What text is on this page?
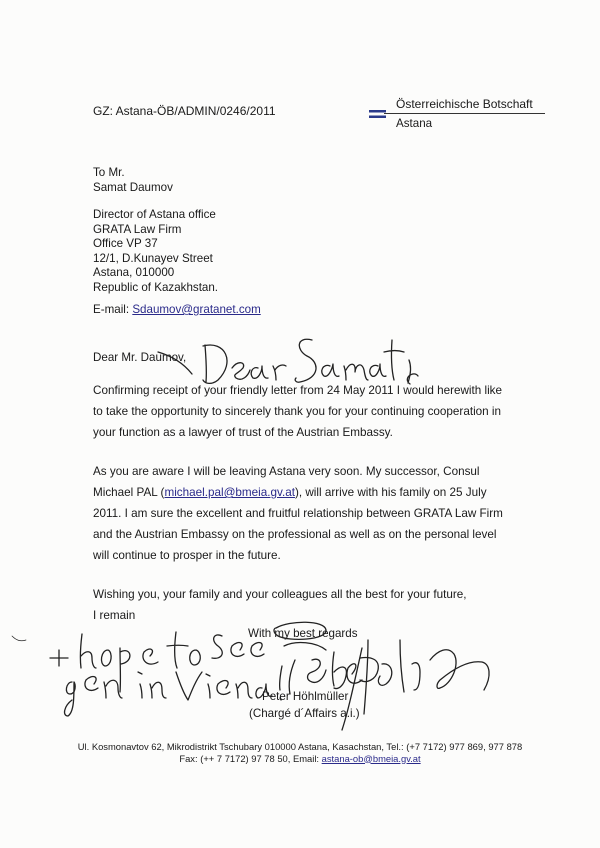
GZ: Astana-ÖB/ADMIN/0246/2011	Österreichische Botschaft
Astana
To Mr.
Samat Daumov
Director of Astana office
GRATA Law Firm
Office VP 37
12/1, D.Kunayev Street
Astana, 010000
Republic of Kazakhstan.
E-mail: Sdaumov@gratanet.com
Dear Mr. Daumov,
Confirming receipt of your friendly letter from 24 May 2011 I would herewith like
to take the opportunity to sincerely thank you for your continuing cooperation in
your function as a lawyer of trust of the Austrian Embassy.
As you are aware I will be leaving Astana very soon. My successor, Consul
Michael PAL (michael.pal@bmeia.gv.at), will arrive with his family on 25 July
2011. I am sure the excellent and fruitful relationship between GRATA Law Firm
and the Austrian Embassy on the professional as well as on the personal level
will continue to prosper in the future.
Wishing you, your family and your colleagues all the best for your future,
I remain
With my best regards
Peter Höhlmüller
(Chargé d´Affairs a.i.)
Ul. Kosmonavtov 62, Mikrodistrikt Tschubary 010000 Astana, Kasachstan, Tel.: (+7 7172) 977 869, 977 878
Fax: (++ 7 7172) 97 78 50, Email: astana-ob@bmeia.gv.at
